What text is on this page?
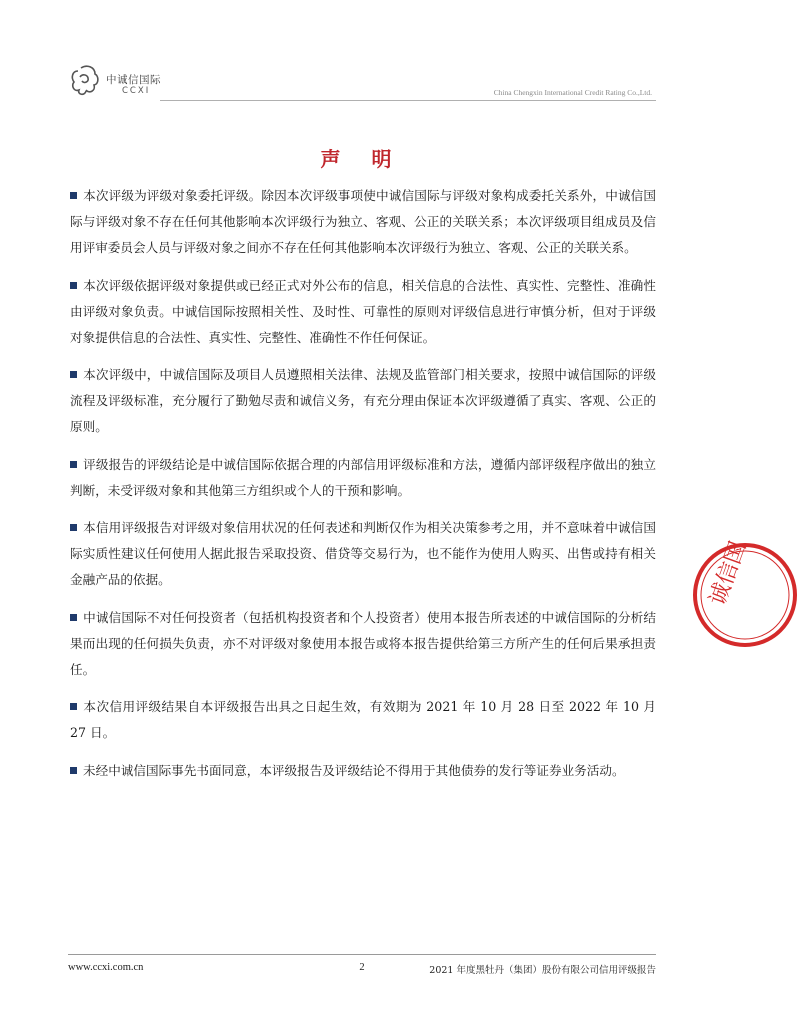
中诚信国际
CCXI	China Chengxin International Credit Rating Co.,Ltd.
声 明

本次评级为评级对象委托评级。除因本次评级事项使中诚信国际与评级对象构成委托关系外，中诚信国际与评级对象不存在任何其他影响本次评级行为独立、客观、公正的关联关系；本次评级项目组成员及信用评审委员会人员与评级对象之间亦不存在任何其他影响本次评级行为独立、客观、公正的关联关系。

本次评级依据评级对象提供或已经正式对外公布的信息，相关信息的合法性、真实性、完整性、准确性由评级对象负责。中诚信国际按照相关性、及时性、可靠性的原则对评级信息进行审慎分析，但对于评级对象提供信息的合法性、真实性、完整性、准确性不作任何保证。

本次评级中，中诚信国际及项目人员遵照相关法律、法规及监管部门相关要求，按照中诚信国际的评级流程及评级标准，充分履行了勤勉尽责和诚信义务，有充分理由保证本次评级遵循了真实、客观、公正的原则。

评级报告的评级结论是中诚信国际依据合理的内部信用评级标准和方法，遵循内部评级程序做出的独立判断，未受评级对象和其他第三方组织或个人的干预和影响。

本信用评级报告对评级对象信用状况的任何表述和判断仅作为相关决策参考之用，并不意味着中诚信国际实质性建议任何使用人据此报告采取投资、借贷等交易行为，也不能作为使用人购买、出售或持有相关金融产品的依据。

中诚信国际不对任何投资者（包括机构投资者和个人投资者）使用本报告所表述的中诚信国际的分析结果而出现的任何损失负责，亦不对评级对象使用本报告或将本报告提供给第三方所产生的任何后果承担责任。

本次信用评级结果自本评级报告出具之日起生效，有效期为 2021 年 10 月 28 日至 2022 年 10 月 27 日。

未经中诚信国际事先书面同意，本评级报告及评级结论不得用于其他债券的发行等证券业务活动。

诚信国
www.ccxi.com.cn	2	2021 年度黑牡丹（集团）股份有限公司信用评级报告
